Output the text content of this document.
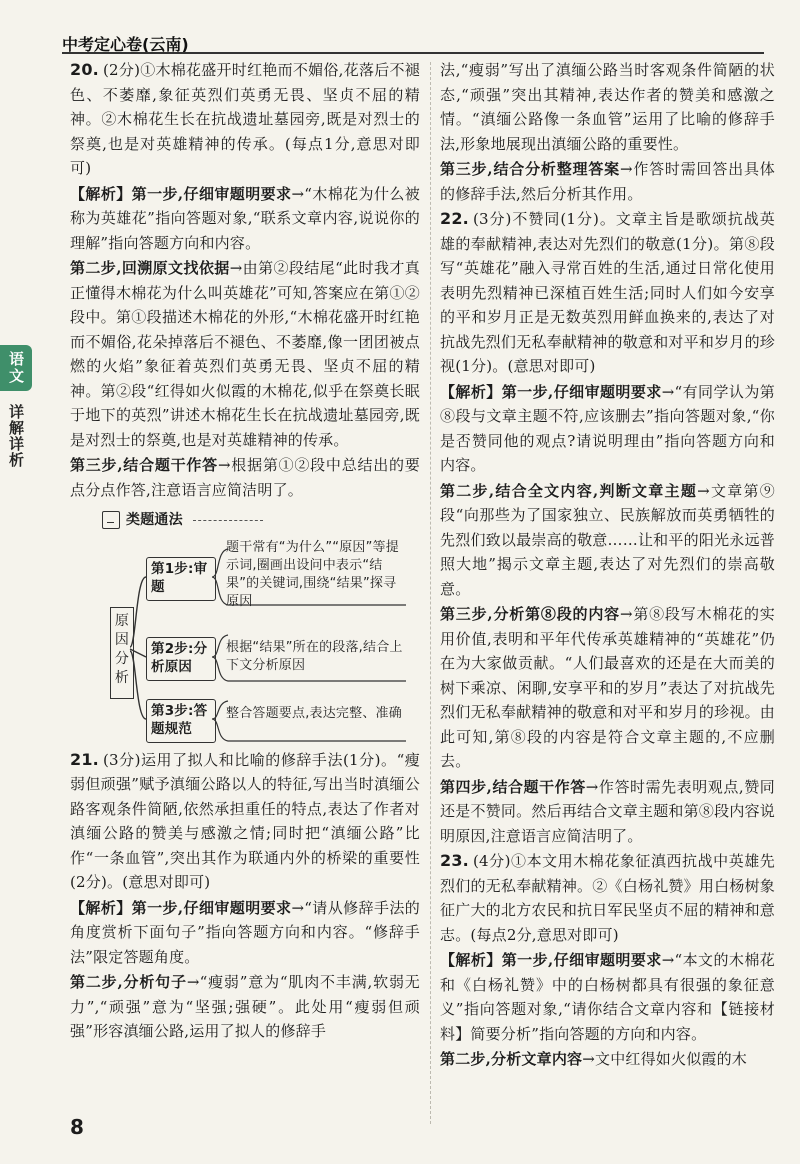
中考定心卷(云南)
语文
详解详析

20. (2分)①木棉花盛开时红艳而不媚俗,花落后不褪色、不萎靡,象征英烈们英勇无畏、坚贞不屈的精神。②木棉花生长在抗战遗址墓园旁,既是对烈士的祭奠,也是对英雄精神的传承。(每点1分,意思对即可)

【解析】第一步,仔细审题明要求→“木棉花为什么被称为英雄花”指向答题对象,“联系文章内容,说说你的理解”指向答题方向和内容。

第二步,回溯原文找依据→由第②段结尾“此时我才真正懂得木棉花为什么叫英雄花”可知,答案应在第①②段中。第①段描述木棉花的外形,“木棉花盛开时红艳而不媚俗,花朵掉落后不褪色、不萎靡,像一团团被点燃的火焰”象征着英烈们英勇无畏、坚贞不屈的精神。第②段“红得如火似霞的木棉花,似乎在祭奠长眠于地下的英烈”讲述木棉花生长在抗战遗址墓园旁,既是对烈士的祭奠,也是对英雄精神的传承。

第三步,结合题干作答→根据第①②段中总结出的要点分点作答,注意语言应简洁明了。

类题通法
原因分析
第1步:审题
题干常有“为什么”“原因”等提示词,圈画出设问中表示“结果”的关键词,围绕“结果”探寻原因
第2步:分析原因
根据“结果”所在的段落,结合上下文分析原因
第3步:答题规范
整合答题要点,表达完整、准确

21. (3分)运用了拟人和比喻的修辞手法(1分)。“瘦弱但顽强”赋予滇缅公路以人的特征,写出当时滇缅公路客观条件简陋,依然承担重任的特点,表达了作者对滇缅公路的赞美与感激之情;同时把“滇缅公路”比作“一条血管”,突出其作为联通内外的桥梁的重要性(2分)。(意思对即可)

【解析】第一步,仔细审题明要求→“请从修辞手法的角度赏析下面句子”指向答题方向和内容。“修辞手法”限定答题角度。

第二步,分析句子→“瘦弱”意为“肌肉不丰满,软弱无力”,“顽强”意为“坚强;强硬”。此处用“瘦弱但顽强”形容滇缅公路,运用了拟人的修辞手

法,“瘦弱”写出了滇缅公路当时客观条件简陋的状态,“顽强”突出其精神,表达作者的赞美和感激之情。“滇缅公路像一条血管”运用了比喻的修辞手法,形象地展现出滇缅公路的重要性。

第三步,结合分析整理答案→作答时需回答出具体的修辞手法,然后分析其作用。

22. (3分)不赞同(1分)。文章主旨是歌颂抗战英雄的奉献精神,表达对先烈们的敬意(1分)。第⑧段写“英雄花”融入寻常百姓的生活,通过日常化使用表明先烈精神已深植百姓生活;同时人们如今安享的平和岁月正是无数英烈用鲜血换来的,表达了对抗战先烈们无私奉献精神的敬意和对平和岁月的珍视(1分)。(意思对即可)

【解析】第一步,仔细审题明要求→“有同学认为第⑧段与文章主题不符,应该删去”指向答题对象,“你是否赞同他的观点?请说明理由”指向答题方向和内容。

第二步,结合全文内容,判断文章主题→文章第⑨段“向那些为了国家独立、民族解放而英勇牺牲的先烈们致以最崇高的敬意……让和平的阳光永远普照大地”揭示文章主题,表达了对先烈们的崇高敬意。

第三步,分析第⑧段的内容→第⑧段写木棉花的实用价值,表明和平年代传承英雄精神的“英雄花”仍在为大家做贡献。“人们最喜欢的还是在大而美的树下乘凉、闲聊,安享平和的岁月”表达了对抗战先烈们无私奉献精神的敬意和对平和岁月的珍视。由此可知,第⑧段的内容是符合文章主题的,不应删去。

第四步,结合题干作答→作答时需先表明观点,赞同还是不赞同。然后再结合文章主题和第⑧段内容说明原因,注意语言应简洁明了。

23. (4分)①本文用木棉花象征滇西抗战中英雄先烈们的无私奉献精神。②《白杨礼赞》用白杨树象征广大的北方农民和抗日军民坚贞不屈的精神和意志。(每点2分,意思对即可)

【解析】第一步,仔细审题明要求→“本文的木棉花和《白杨礼赞》中的白杨树都具有很强的象征意义”指向答题对象,“请你结合文章内容和【链接材料】简要分析”指向答题的方向和内容。

第二步,分析文章内容→文中红得如火似霞的木

8
